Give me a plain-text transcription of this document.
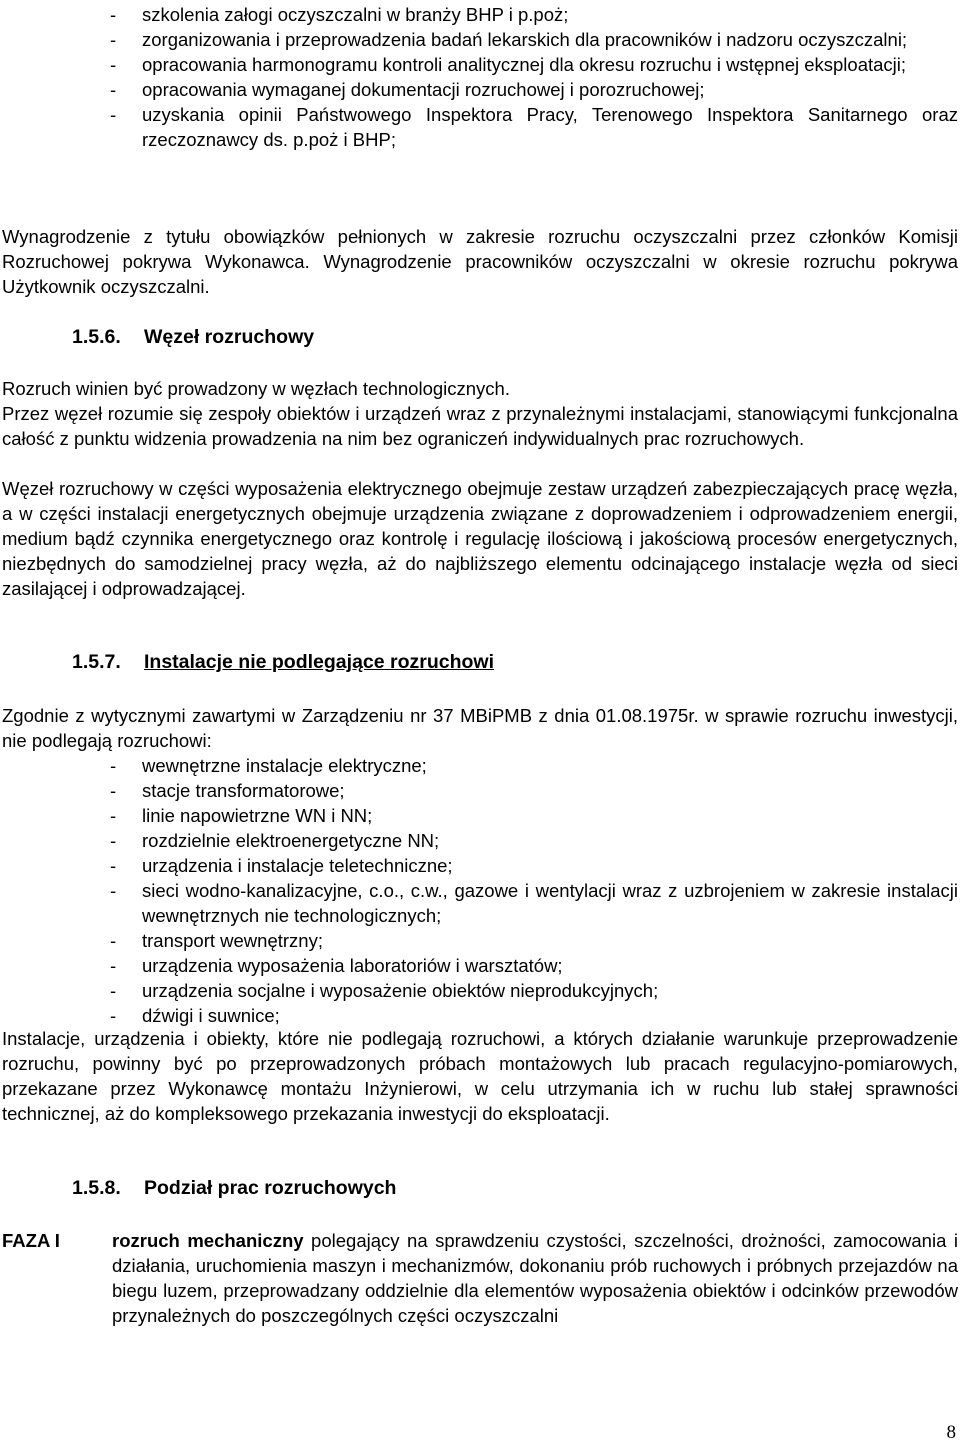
- szkolenia załogi oczyszczalni w branży BHP i p.poż;
- zorganizowania i przeprowadzenia badań lekarskich dla pracowników i nadzoru oczyszczalni;
- opracowania harmonogramu kontroli analitycznej dla okresu rozruchu i wstępnej eksploatacji;
- opracowania wymaganej dokumentacji rozruchowej i porozruchowej;
- uzyskania opinii Państwowego Inspektora Pracy, Terenowego Inspektora Sanitarnego oraz rzeczoznawcy ds. p.poż i BHP;
Wynagrodzenie z tytułu obowiązków pełnionych w zakresie rozruchu oczyszczalni przez członków Komisji Rozruchowej pokrywa Wykonawca. Wynagrodzenie pracowników oczyszczalni w okresie rozruchu pokrywa Użytkownik oczyszczalni.
1.5.6. Węzeł rozruchowy
Rozruch winien być prowadzony w węzłach technologicznych.
Przez węzeł rozumie się zespoły obiektów i urządzeń wraz z przynależnymi instalacjami, stanowiącymi funkcjonalna całość z punktu widzenia prowadzenia na nim bez ograniczeń indywidualnych prac rozruchowych.
Węzeł rozruchowy w części wyposażenia elektrycznego obejmuje zestaw urządzeń zabezpieczających pracę węzła, a w części instalacji energetycznych obejmuje urządzenia związane z doprowadzeniem i odprowadzeniem energii, medium bądź czynnika energetycznego oraz kontrolę i regulację ilościową i jakościową procesów energetycznych, niezbędnych do samodzielnej pracy węzła, aż do najbliższego elementu odcinającego instalacje węzła od sieci zasilającej i odprowadzającej.
1.5.7. Instalacje nie podlegające rozruchowi
Zgodnie z wytycznymi zawartymi w Zarządzeniu nr 37 MBiPMB z dnia 01.08.1975r. w sprawie rozruchu inwestycji, nie podlegają rozruchowi:
- wewnętrzne instalacje elektryczne;
- stacje transformatorowe;
- linie napowietrzne WN i NN;
- rozdzielnie elektroenergetyczne NN;
- urządzenia i instalacje teletechniczne;
- sieci wodno-kanalizacyjne, c.o., c.w., gazowe i wentylacji wraz z uzbrojeniem w zakresie instalacji wewnętrznych nie technologicznych;
- transport wewnętrzny;
- urządzenia wyposażenia laboratoriów i warsztatów;
- urządzenia socjalne i wyposażenie obiektów nieprodukcyjnych;
- dźwigi i suwnice;
Instalacje, urządzenia i obiekty, które nie podlegają rozruchowi, a których działanie warunkuje przeprowadzenie rozruchu, powinny być po przeprowadzonych próbach montażowych lub pracach regulacyjno-pomiarowych, przekazane przez Wykonawcę montażu Inżynierowi, w celu utrzymania ich w ruchu lub stałej sprawności technicznej, aż do kompleksowego przekazania inwestycji do eksploatacji.
1.5.8. Podział prac rozruchowych
FAZA I	rozruch mechaniczny polegający na sprawdzeniu czystości, szczelności, drożności, zamocowania i działania, uruchomienia maszyn i mechanizmów, dokonaniu prób ruchowych i próbnych przejazdów na biegu luzem, przeprowadzany oddzielnie dla elementów wyposażenia obiektów i odcinków przewodów przynależnych do poszczególnych części oczyszczalni
8
